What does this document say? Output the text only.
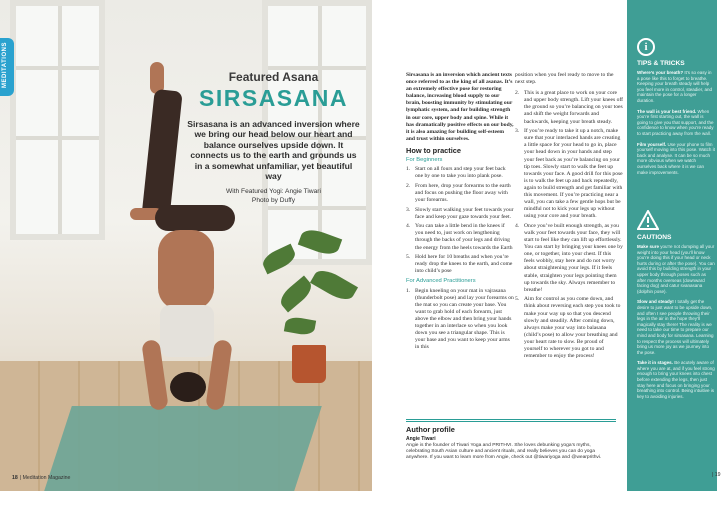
MEDITATIONS	Featured Asana
SIRSASANA
Sirsasana is an advanced inversion where we bring our head below our heart and balance ourselves upside down. It connects us to the earth and grounds us in a somewhat unfamiliar, yet beautiful way
With Featured Yogi: Angie Tiwari
Photo by Duffy
18 | Meditation Magazine

Sirsasana is an inversion which ancient texts once referred to as the king of all asanas. It’s an extremely effective pose for restoring balance, increasing blood supply to our brain, boosting immunity by stimulating our lymphatic system, and for building strength in our core, upper body and spine. While it has dramatically positive effects on our body, it is also amazing for building self-esteem and trust within ourselves.

How to practice
For Beginners
1. Start on all fours and step your feet back one by one to take you into plank pose.
2. From here, drop your forearms to the earth and focus on pushing the floor away with your forearms.
3. Slowly start walking your feet towards your face and keep your gaze towards your feet.
4. You can take a little bend in the knees if you need to, just work on lengthening through the backs of your legs and driving the energy from the heels towards the Earth
5. Hold here for 10 breaths and when you’re ready drop the knees to the earth, and come into child’s pose
For Advanced Practitioners
1. Begin kneeling on your mat in vajrasana (thunderbolt pose) and lay your forearms on the mat so you can create your base. You want to grab hold of each forearm, just above the elbow and then bring your hands together in an interlace so when you look down you see a triangular shape. This is your base and you want to keep your arms in this

position when you feel ready to move to the next step.

2. This is a great place to work on your core and upper body strength. Lift your knees off the ground so you’re balancing on your toes and shift the weight forwards and backwards, keeping your breath steady.
3. If you’re ready to take it up a notch, make sure that your interlaced hands are creating a little space for your head to go in, place your head down in your hands and step your feet back as you’re balancing on your tip toes. Slowly start to walk the feet up towards your face. A good drill for this pose is to walk the feet up and back repeatedly, again to build strength and get familiar with this movement. If you’re practicing near a wall, you can take a few gentle hops but be mindful not to kick your legs up without using your core and your breath.
4. Once you’ve built enough strength, as you walk your feet towards your face, they will start to feel like they can lift up effortlessly. You can start by bringing your knees one by one, or together, into your chest. If this feels wobbly, stay here and do not worry about straightening your legs. If it feels stable, straighten your legs pointing them up towards the sky. Always remember to breathe!
5. Aim for control as you come down, and think about reversing each step you took to make your way up so that you descend slowly and steadily. After coming down, always make your way into balasana (child’s pose) to allow your breathing and your heart rate to slow. Be proud of yourself to wherever you got to and remember to enjoy the process!
Author profile
Angie Tiwari
Angie is the founder of Tiwari Yoga and PRITHVI. She loves debunking yoga’s myths, celebrating South Asian culture and ancient rituals, and really believes you can do yoga anywhere. If you want to learn more from Angie, check out @tiwariyoga and @wearprithvi.
i
TIPS & TRICKS

Where’s your breath? It’s so easy in a pose like this to forget to breathe. Keeping your breath steady will help you feel more in control, steadier, and maintain the pose for a longer duration.

The wall is your best friend. When you’re first starting out, the wall is going to give you that support, and the confidence to know when you’re ready to start practicing away from the wall.

Film yourself. Use your phone to film yourself moving into this pose. Watch it back and analyse. It can be so much more obvious when we watch ourselves back where it is we can make improvements.

CAUTIONS

Make sure you’re not dumping all your weight into your head (you’ll know you’re doing this if your head or neck hurts during or after the pose). You can avoid this by building strength in your upper body through poses such as after months overseas (downward facing dog) and catur svanasana (dolphin pose).

Slow and steady! I totally get the desire to just want to be upside down, and often I see people throwing their legs in the air in the hope they’ll magically stay there! The reality is we need to take our time to prepare our mind and body for sirsasana. Learning to respect the process will ultimately bring us more joy as we journey into the pose.

Take it in stages. Be acutely aware of where you are at, and if you feel strong enough to bring your knees into chest before extending the legs, then just stay here and focus on bringing your breathing into control. Being intuitive is key to avoiding injuries.

| 19
